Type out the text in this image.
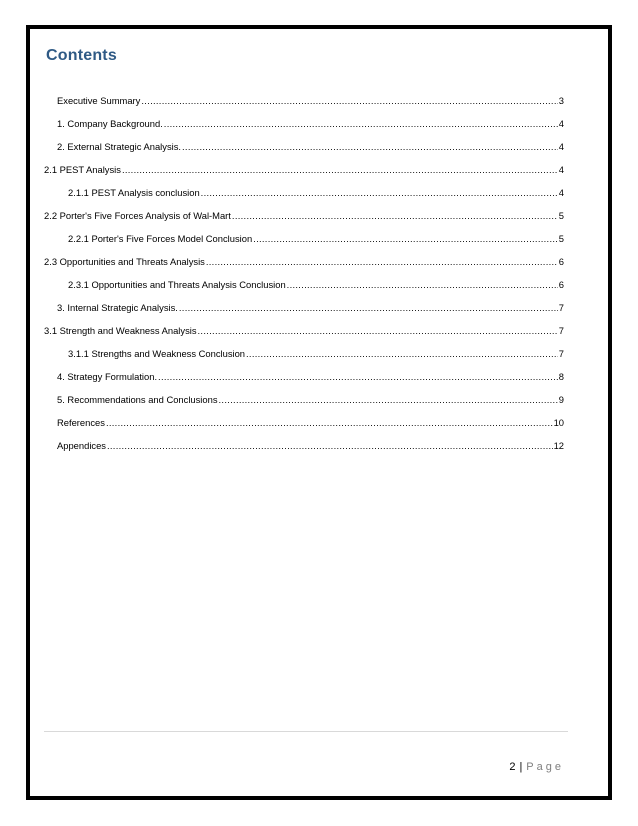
Contents
Executive Summary .....	3
1. Company Background. .....	4
2. External Strategic Analysis. .....	4
2.1 PEST Analysis .....	4
2.1.1 PEST Analysis conclusion .....	4
2.2 Porter's Five Forces Analysis of Wal-Mart .....	5
2.2.1 Porter's Five Forces Model Conclusion .....	5
2.3 Opportunities and Threats Analysis .....	6
2.3.1 Opportunities and Threats Analysis Conclusion .....	6
3. Internal Strategic Analysis. .....	7
3.1 Strength and Weakness Analysis .....	7
3.1.1 Strengths and Weakness Conclusion .....	7
4. Strategy Formulation. .....	8
5. Recommendations and Conclusions .....	9
References .....	10
Appendices .....	12
2 | Page
